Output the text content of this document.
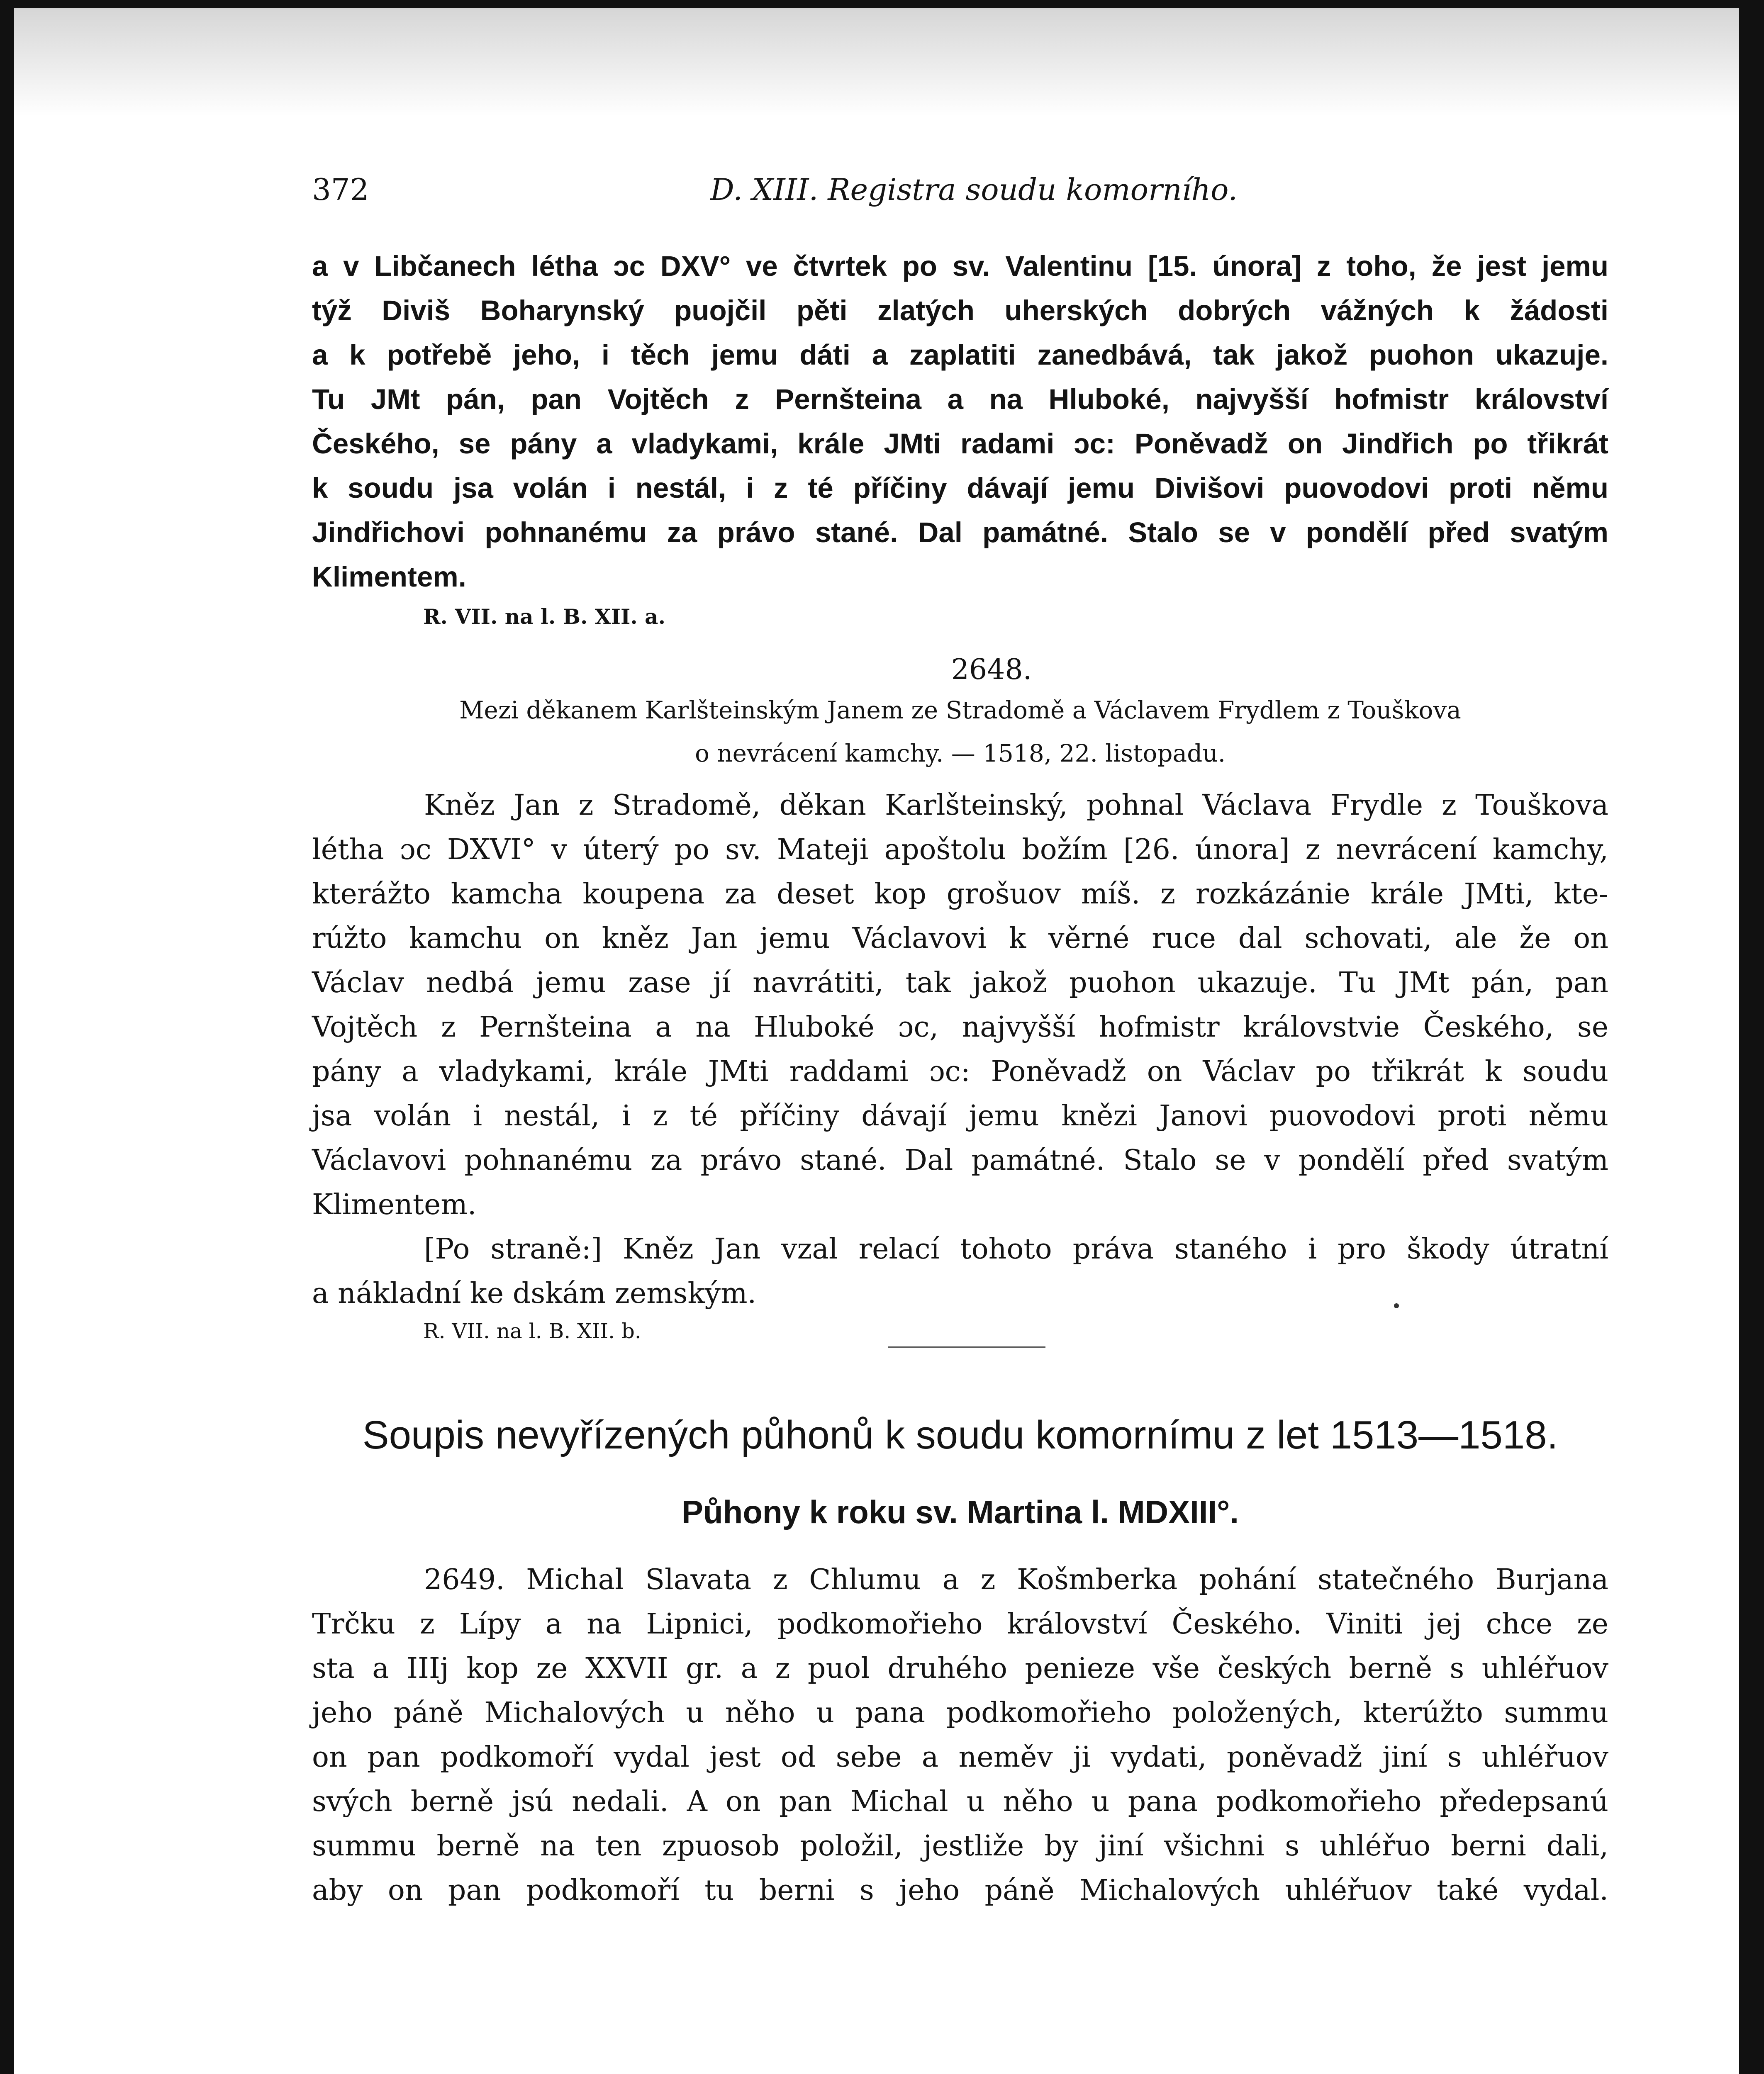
372	D. XIII. Registra soudu komorního.
a v Libčanech létha ɔc DXV° ve čtvrtek po sv. Valentinu [15. února] z toho, že jest jemu
týž Diviš Boharynský puojčil pěti zlatých uherských dobrých vážných k žádosti
a k potřebě jeho, i těch jemu dáti a zaplatiti zanedbává, tak jakož puohon ukazuje.
Tu JMt pán, pan Vojtěch z Pernšteina a na Hluboké, najvyšší hofmistr království
Českého, se pány a vladykami, krále JMti radami ɔc: Poněvadž on Jindřich po třikrát
k soudu jsa volán i nestál, i z té příčiny dávají jemu Divišovi puovodovi proti němu
Jindřichovi pohnanému za právo stané. Dal památné. Stalo se v pondělí před svatým
Klimentem.
R. VII. na l. B. XII. a.
2648.
Mezi děkanem Karlšteinským Janem ze Stradomě a Václavem Frydlem z Touškova
o nevrácení kamchy. — 1518, 22. listopadu.
Kněz Jan z Stradomě, děkan Karlšteinský, pohnal Václava Frydle z Touškova
létha ɔc DXVI° v úterý po sv. Mateji apoštolu božím [26. února] z nevrácení kamchy,
kterážto kamcha koupena za deset kop grošuov míš. z rozkázánie krále JMti, kte-
rúžto kamchu on kněz Jan jemu Václavovi k věrné ruce dal schovati, ale že on
Václav nedbá jemu zase jí navrátiti, tak jakož puohon ukazuje. Tu JMt pán, pan
Vojtěch z Pernšteina a na Hluboké ɔc, najvyšší hofmistr královstvie Českého, se
pány a vladykami, krále JMti raddami ɔc: Poněvadž on Václav po třikrát k soudu
jsa volán i nestál, i z té příčiny dávají jemu knězi Janovi puovodovi proti němu
Václavovi pohnanému za právo stané. Dal památné. Stalo se v pondělí před svatým
Klimentem.
[Po straně:] Kněz Jan vzal relací tohoto práva staného i pro škody útratní
a nákladní ke dskám zemským.
R. VII. na l. B. XII. b.
Soupis nevyřízených půhonů k soudu komornímu z let 1513—1518.
Půhony k roku sv. Martina l. MDXIII°.
2649. Michal Slavata z Chlumu a z Košmberka pohání statečného Burjana
Trčku z Lípy a na Lipnici, podkomořieho království Českého. Viniti jej chce ze
sta a IIIj kop ze XXVII gr. a z puol druhého penieze vše českých berně s uhléřuov
jeho páně Michalových u něho u pana podkomořieho položených, kterúžto summu
on pan podkomoří vydal jest od sebe a neměv ji vydati, poněvadž jiní s uhléřuov
svých berně jsú nedali. A on pan Michal u něho u pana podkomořieho předepsanú
summu berně na ten zpuosob položil, jestliže by jiní všichni s uhléřuo berni dali,
aby on pan podkomoří tu berni s jeho páně Michalových uhléřuov také vydal.
